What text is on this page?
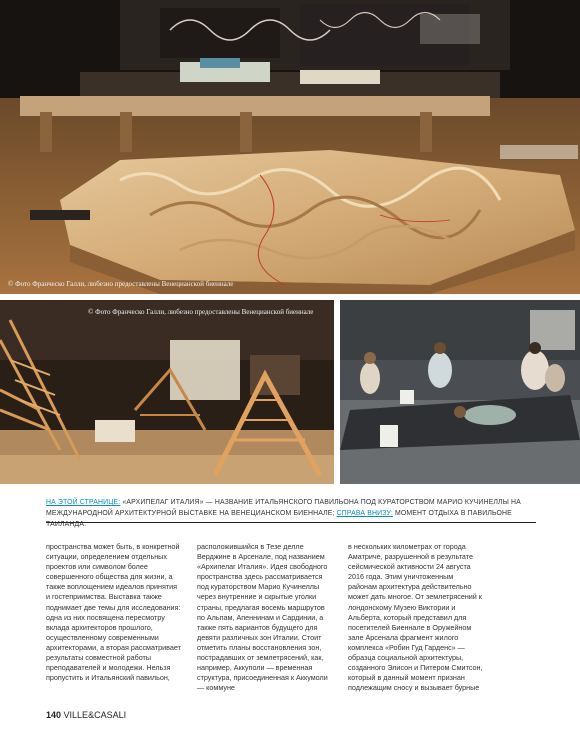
© Фото Франческо Галли, любезно предоставлены Венецианской биеннале
© Фото Франческо Галли, любезно предоставлены Венецианской биеннале
НА ЭТОЙ СТРАНИЦЕ: «АРХИПЕЛАГ ИТАЛИЯ» — НАЗВАНИЕ ИТАЛЬЯНСКОГО ПАВИЛЬОНА ПОД КУРАТОРСТВОМ МАРИО КУЧИНЕЛЛЫ НА МЕЖДУНАРОДНОЙ АРХИТЕКТУРНОЙ ВЫСТАВКЕ НА ВЕНЕЦИАНСКОМ БИЕННАЛЕ; СПРАВА ВНИЗУ: МОМЕНТ ОТДЫХА В ПАВИЛЬОНЕ ТАИЛАНДА.

пространства может быть, в конкретной ситуации, определением отдельных проектов или символом более совершенного общества для жизни, а также воплощением идеалов принятия и гостеприимства. Выставка также поднимает две темы для исследования: одна из них посвящена пересмотру вклада архитекторов прошлого, осуществленному современными архитекторами, а вторая рассматривает результаты совместной работы преподавателей и молодежи. Нельзя пропустить и Итальянский павильон,

расположившийся в Тезе делле Верджине в Арсенале, под названием «Архипелаг Италия». Идея свободного пространства здесь рассматривается под кураторством Марио Кучинеллы через внутренние и скрытые уголки страны, предлагая восемь маршрутов по Альпам, Апеннинам и Сардинии, а также пять вариантов будущего для девяти различных зон Италии. Стоит отметить планы восстановления зон, пострадавших от землетрясений, как, например, Аккуполи — временная структура, присоединенная к Аккумоли — коммуне

в нескольких километрах от города Аматриче, разрушенной в результате сейсмической активности 24 августа 2016 года. Этим уничтоженным районам архитектура действительно может дать многое. От землетрясений к лондонскому Музею Виктории и Альберта, который представил для посетителей Биеннале в Оружейном зале Арсенала фрагмент жилого комплекса «Робин Гуд Гарденс» — образца социальной архитектуры, созданного Элисон и Питером Смитсон, который в данный момент признан подлежащим сносу и вызывает бурные

140 VILLE&CASALI
